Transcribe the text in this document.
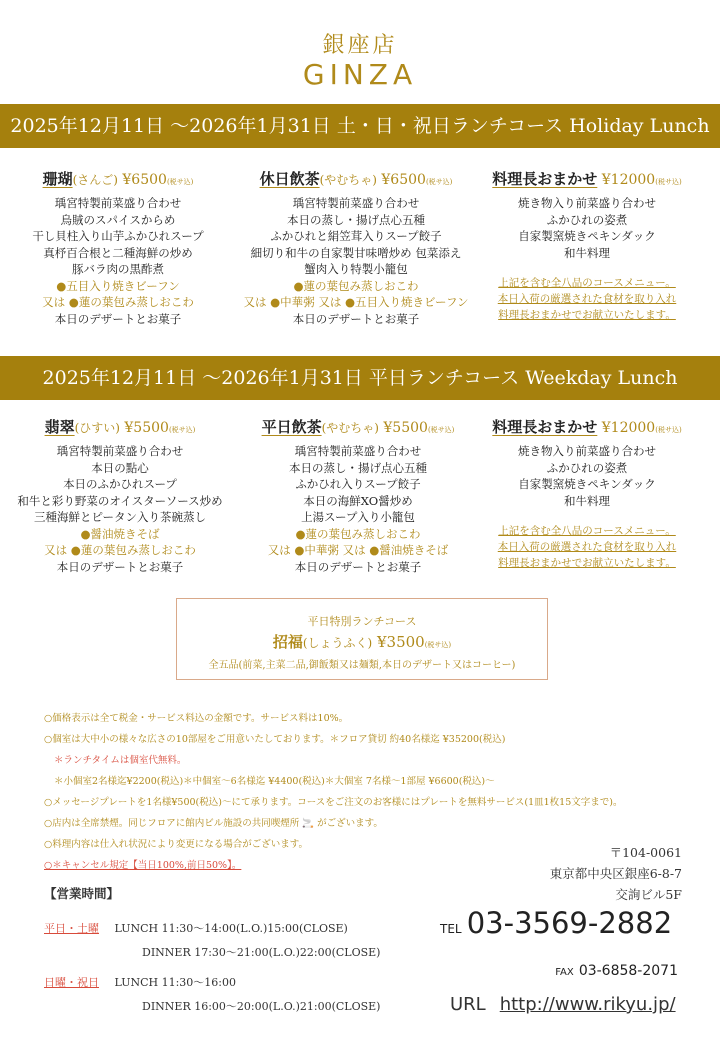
銀座店
GINZA
2025年12月11日 〜2026年1月31日 土・日・祝日ランチコース Holiday Lunch
珊瑚(さんご) ¥6500(税サ込)
瑀宮特製前菜盛り合わせ
烏賊のスパイスからめ
干し貝柱入り山芋ふかひれスープ
真杼百合根と二種海鮮の炒め
豚バラ肉の黒酢煮
●五目入り焼きビーフン
又は ●蓮の葉包み蒸しおこわ
本日のデザートとお菓子
休日飲茶(やむちゃ) ¥6500(税サ込)
瑀宮特製前菜盛り合わせ
本日の蒸し・揚げ点心五種
ふかひれと絹笠茸入りスープ餃子
細切り和牛の自家製甘味噌炒め 包菜添え
蟹肉入り特製小籠包
●蓮の葉包み蒸しおこわ
又は ●中華粥 又は ●五目入り焼きビーフン
本日のデザートとお菓子
料理長おまかせ ¥12000(税サ込)
焼き物入り前菜盛り合わせ
ふかひれの姿煮
自家製窯焼きペキンダック
和牛料理
上記を含む全八品のコースメニュー。
本日入荷の厳選された食材を取り入れ
料理長おまかせでお献立いたします。
2025年12月11日 〜2026年1月31日 平日ランチコース Weekday Lunch
翡翠(ひすい) ¥5500(税サ込)
瑀宮特製前菜盛り合わせ
本日の點心
本日のふかひれスープ
和牛と彩り野菜のオイスターソース炒め
三種海鮮とピータン入り茶碗蒸し
●醤油焼きそば
又は ●蓮の葉包み蒸しおこわ
本日のデザートとお菓子
平日飲茶(やむちゃ) ¥5500(税サ込)
瑀宮特製前菜盛り合わせ
本日の蒸し・揚げ点心五種
ふかひれ入りスープ餃子
本日の海鮮XO醤炒め
上湯スープ入り小籠包
●蓮の葉包み蒸しおこわ
又は ●中華粥 又は ●醤油焼きそば
本日のデザートとお菓子
料理長おまかせ ¥12000(税サ込)
焼き物入り前菜盛り合わせ
ふかひれの姿煮
自家製窯焼きペキンダック
和牛料理
上記を含む全八品のコースメニュー。
本日入荷の厳選された食材を取り入れ
料理長おまかせでお献立いたします。
平日特別ランチコース
招福(しょうふく) ¥3500(税サ込)
全五品(前菜,主菜二品,御飯類又は麺類,本日のデザート又はコーヒー)
○価格表示は全て税金・サービス料込の金額です。サービス料は10%。
○個室は大中小の様々な広さの10部屋をご用意いたしております。＊フロア貸切 約40名様迄 ¥35200(税込)
＊ランチタイムは個室代無料。
＊小個室2名様迄¥2200(税込)＊中個室〜6名様迄 ¥4400(税込)＊大個室 7名様〜1部屋 ¥6600(税込)〜
○メッセージプレートを1名様¥500(税込)〜にて承ります。コースをご注文のお客様にはプレートを無料サービス(1皿1枚15文字まで)。
○店内は全席禁煙。同じフロアに館内ビル施設の共同喫煙所 🚬 がございます。
○料理内容は仕入れ状況により変更になる場合がございます。
○＊キャンセル規定【当日100%,前日50%】。
【営業時間】
平日・土曜 LUNCH 11:30〜14:00(L.O.)15:00(CLOSE)
DINNER 17:30〜21:00(L.O.)22:00(CLOSE)
日曜・祝日 LUNCH 11:30〜16:00
DINNER 16:00〜20:00(L.O.)21:00(CLOSE)
〒104-0061
東京都中央区銀座6-8-7
交詢ビル5F
TEL 03-3569-2882
FAX 03-6858-2071
URL http://www.rikyu.jp/
